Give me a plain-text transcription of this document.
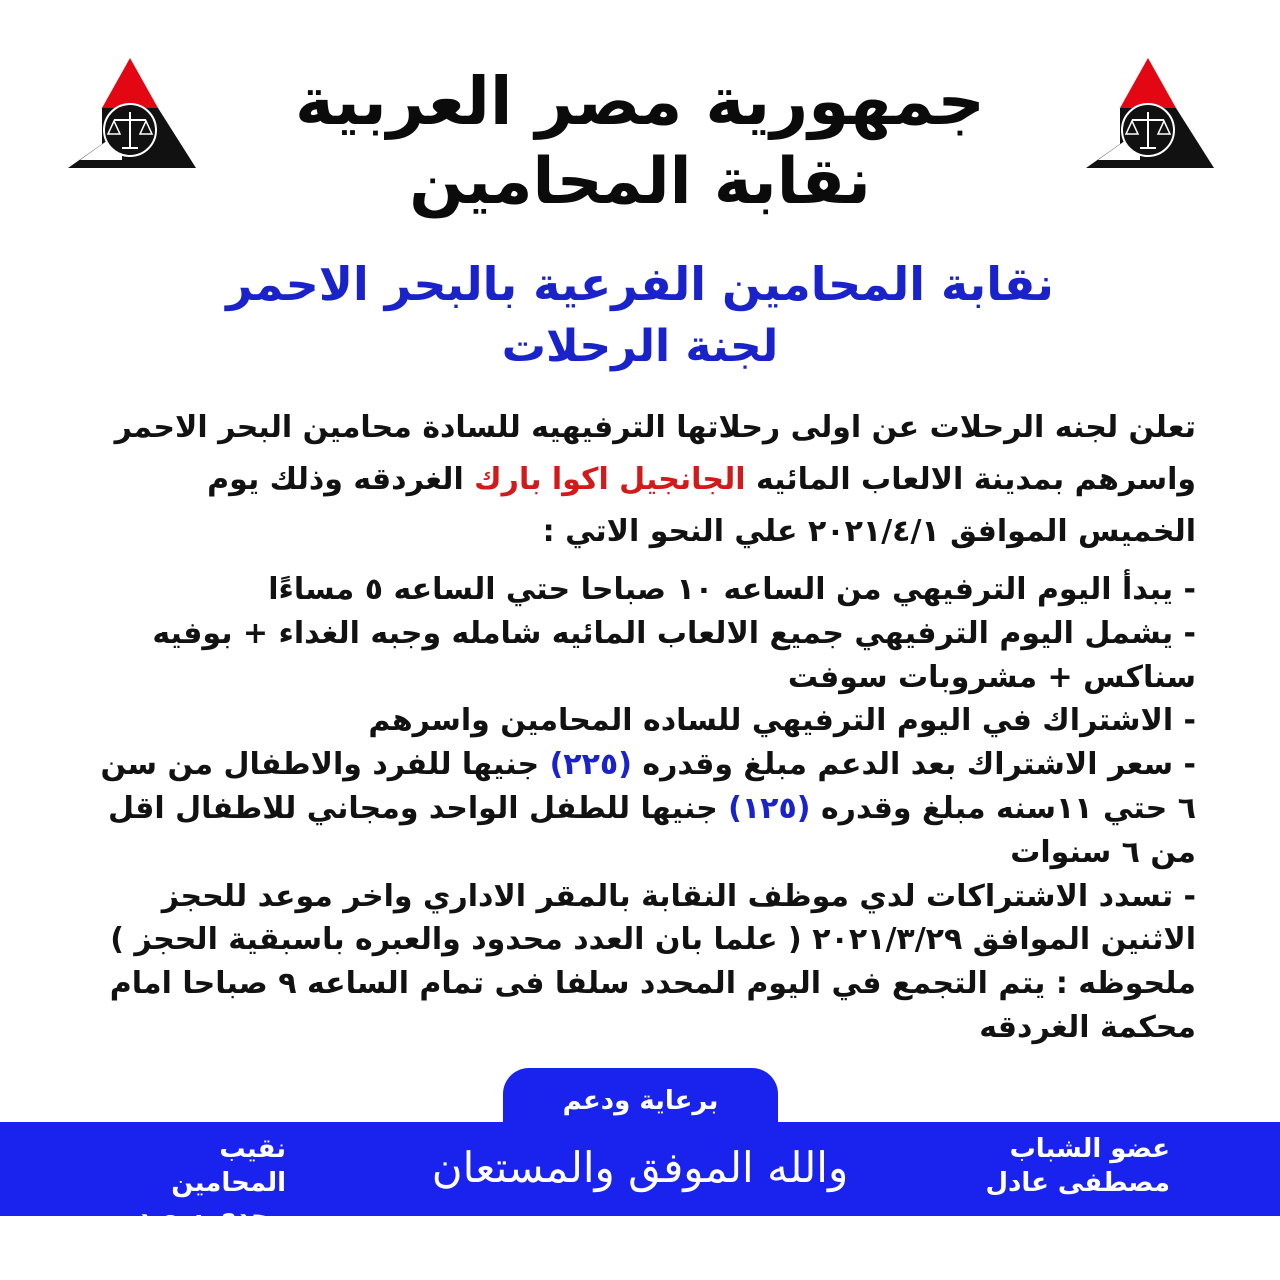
جمهورية مصر العربية
نقابة المحامين
نقابة المحامين الفرعية بالبحر الاحمر
لجنة الرحلات

تعلن لجنه الرحلات عن اولى رحلاتها الترفيهيه للسادة محامين البحر الاحمر

واسرهم بمدينة الالعاب المائيه الجانجيل اكوا بارك الغردقه وذلك يوم

الخميس الموافق ٢٠٢١/٤/١ علي النحو الاتي :

- يبدأ اليوم الترفيهي من الساعه ١٠ صباحا حتي الساعه ٥ مساءًا

- يشمل اليوم الترفيهي جميع الالعاب المائيه شامله وجبه الغداء + بوفيه سناكس + مشروبات سوفت

- الاشتراك في اليوم الترفيهي للساده المحامين واسرهم

- سعر الاشتراك بعد الدعم مبلغ وقدره (٢٢٥) جنيها للفرد والاطفال من سن ٦ حتي ١١سنه مبلغ وقدره (١٢٥) جنيها للطفل الواحد ومجاني للاطفال اقل من ٦ سنوات

- تسدد الاشتراكات لدي موظف النقابة بالمقر الاداري واخر موعد للحجز الاثنين الموافق ٢٠٢١/٣/٢٩ ( علما بان العدد محدود والعبره باسبقية الحجز )

ملحوظه : يتم التجمع في اليوم المحدد سلفا فى تمام الساعه ٩ صباحا امام محكمة الغردقه

برعاية ودعم
عضو الشباب
مصطفى عادل
والله الموفق والمستعان
نقيب المحامين
مجدي سعيد
